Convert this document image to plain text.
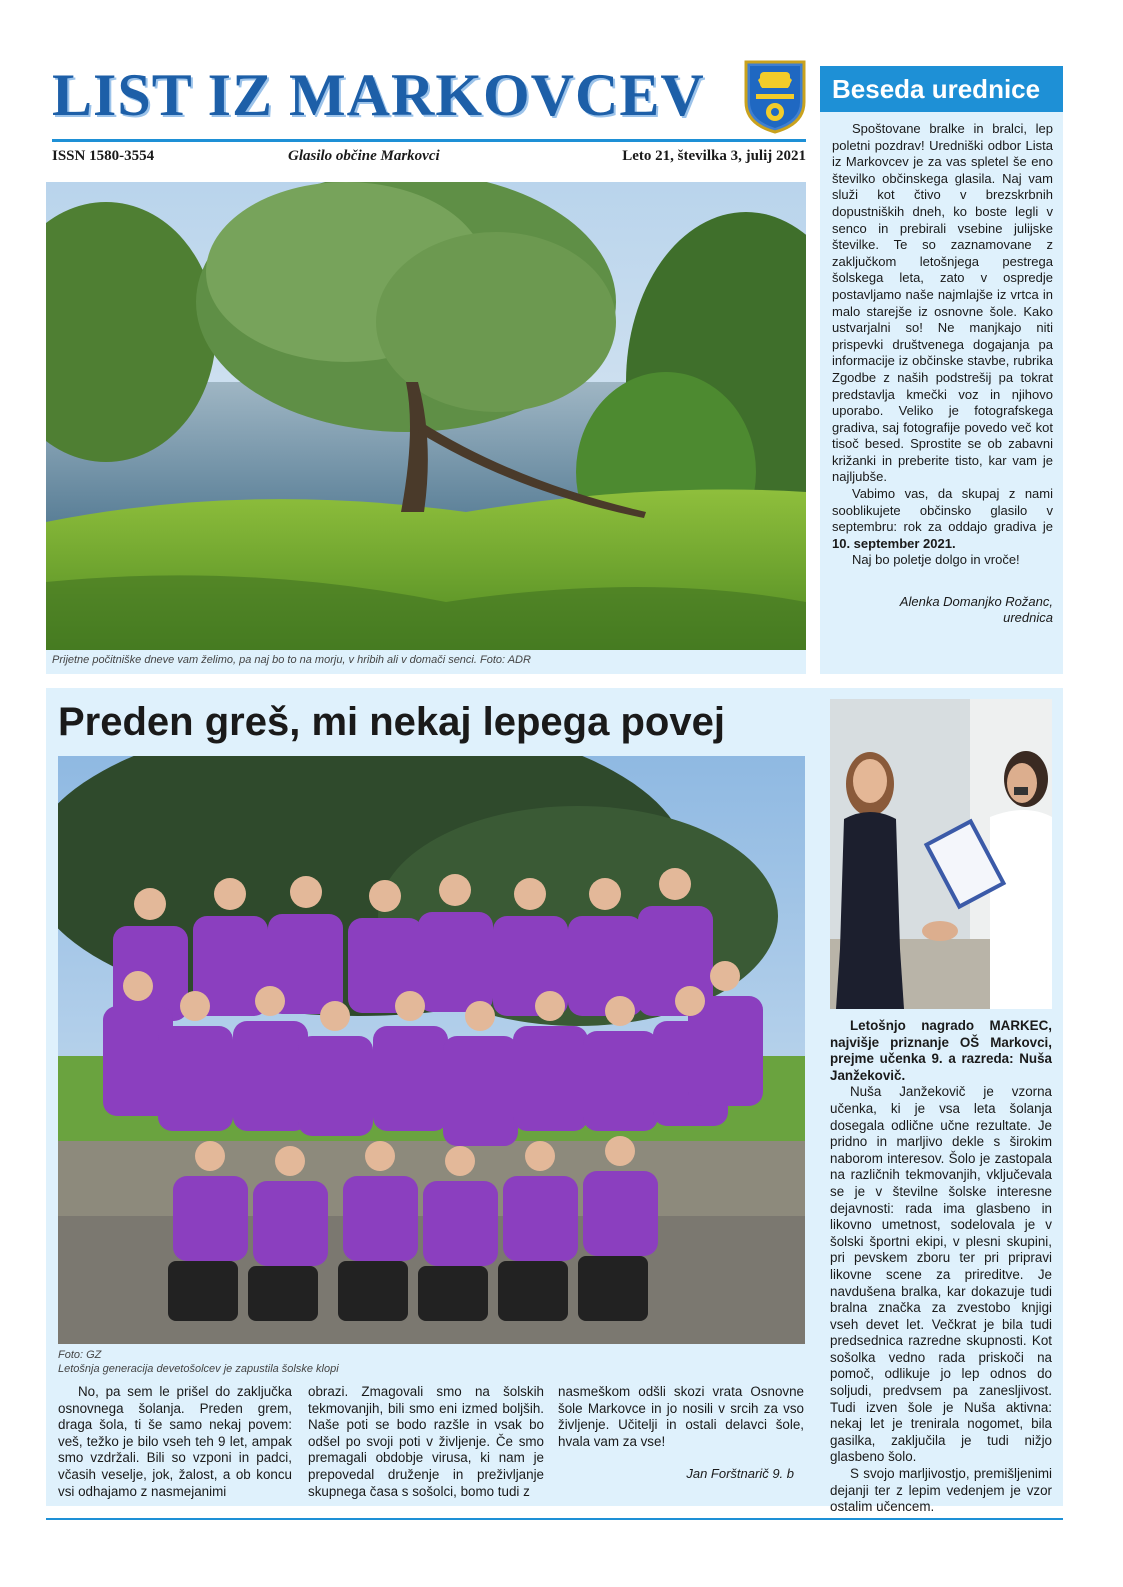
LIST IZ MARKOVCEV
ISSN 1580-3554	Glasilo občine Markovci	Leto 21, številka 3, julij 2021
Beseda urednice

Spoštovane bralke in bralci, lep poletni pozdrav! Uredniški odbor Lista iz Markovcev je za vas spletel še eno številko občinskega glasila. Naj vam služi kot čtivo v brezskrbnih dopustniških dneh, ko boste legli v senco in prebirali vsebine julijske številke. Te so zaznamovane z zaključkom letošnjega pestrega šolskega leta, zato v ospredje postavljamo naše najmlajše iz vrtca in malo starejše iz osnovne šole. Kako ustvarjalni so! Ne manjkajo niti prispevki društvenega dogajanja pa informacije iz občinske stavbe, rubrika Zgodbe z naših podstrešij pa tokrat predstavlja kmečki voz in njihovo uporabo. Veliko je fotografskega gradiva, saj fotografije povedo več kot tisoč besed. Sprostite se ob zabavni križanki in preberite tisto, kar vam je najljubše.

Vabimo vas, da skupaj z nami sooblikujete občinsko glasilo v septembru: rok za oddajo gradiva je 10. september 2021.

Naj bo poletje dolgo in vroče!

Alenka Domanjko Rožanc,
urednica
Prijetne počitniške dneve vam želimo, pa naj bo to na morju, v hribih ali v domači senci. Foto: ADR
Preden greš, mi nekaj lepega povej
Foto: GZ
Letošnja generacija devetošolcev je zapustila šolske klopi

No, pa sem le prišel do zaključka osnovnega šolanja. Preden grem, draga šola, ti še samo nekaj povem: veš, težko je bilo vseh teh 9 let, ampak smo vzdržali. Bili so vzponi in padci, včasih veselje, jok, žalost, a ob koncu vsi odhajamo z nasmejanimi

obrazi. Zmagovali smo na šolskih tekmovanjih, bili smo eni izmed boljših. Naše poti se bodo razšle in vsak bo odšel po svoji poti v življenje. Če smo premagali obdobje virusa, ki nam je prepovedal druženje in preživljanje skupnega časa s sošolci, bomo tudi z

nasmeškom odšli skozi vrata Osnovne šole Markovce in jo nosili v srcih za vso življenje. Učitelji in ostali delavci šole, hvala vam za vse!

Jan Forštnarič 9. b

Letošnjo nagrado MARKEC, najvišje priznanje OŠ Markovci, prejme učenka 9. a razreda: Nuša Janžekovič.

Nuša Janžekovič je vzorna učenka, ki je vsa leta šolanja dosegala odlične učne rezultate. Je pridno in marljivo dekle s širokim naborom interesov. Šolo je zastopala na različnih tekmovanjih, vključevala se je v številne šolske interesne dejavnosti: rada ima glasbeno in likovno umetnost, sodelovala je v šolski športni ekipi, v plesni skupini, pri pevskem zboru ter pri pripravi likovne scene za prireditve. Je navdušena bralka, kar dokazuje tudi bralna značka za zvestobo knjigi vseh devet let. Večkrat je bila tudi predsednica razredne skupnosti. Kot sošolka vedno rada priskoči na pomoč, odlikuje jo lep odnos do soljudi, predvsem pa zanesljivost. Tudi izven šole je Nuša aktivna: nekaj let je trenirala nogomet, bila gasilka, zaključila je tudi nižjo glasbeno šolo.

S svojo marljivostjo, premišljenimi dejanji ter z lepim vedenjem je vzor ostalim učencem.
